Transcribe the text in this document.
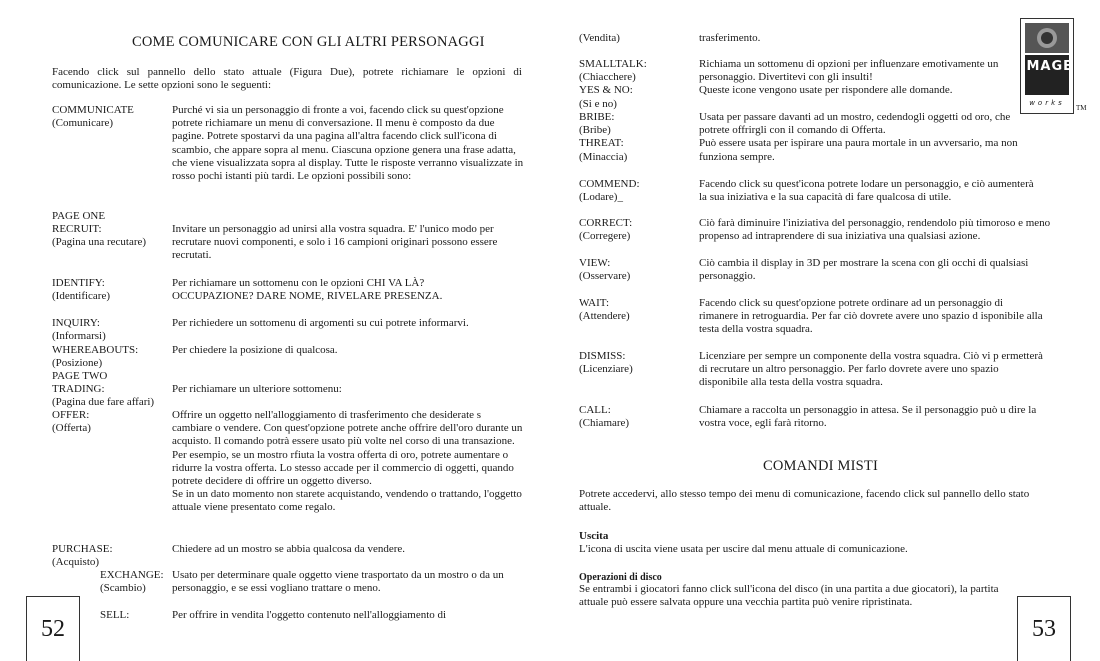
COME COMUNICARE CON GLI ALTRI PERSONAGGI

Facendo click sul pannello dello stato attuale (Figura Due), potrete richiamare le opzioni di comunicazione. Le sette opzioni sono le seguenti:

COMMUNICATE
(Comunicare)
Purché vi sia un personaggio di fronte a voi, facendo click su quest'opzione potrete richiamare un menu di conversazione. Il menu è composto da due pagine. Potrete spostarvi da una pagina all'altra facendo click sull'icona di scambio, che appare sopra al menu. Ciascuna opzione genera una frase adatta, che viene visualizzata sopra al display. Tutte le risposte verranno visualizzate in rosso pochi istanti più tardi. Le opzioni possibili sono:
PAGE ONE
RECRUIT:
(Pagina una recutare)
Invitare un personaggio ad unirsi alla vostra squadra. E' l'unico modo per recrutare nuovi componenti, e solo i 16 campioni originari possono essere recrutati.
IDENTIFY:
(Identificare)
Per richiamare un sottomenu con le opzioni CHI VA LÀ? OCCUPAZIONE? DARE NOME, RIVELARE PRESENZA.
INQUIRY:
(Informarsi)
Per richiedere un sottomenu di argomenti su cui potrete informarvi.
WHEREABOUTS:
(Posizione)
PAGE TWO
Per chiedere la posizione di qualcosa.
TRADING:
(Pagina due fare affari)
Per richiamare un ulteriore sottomenu:
OFFER:
(Offerta)
Offrire un oggetto nell'alloggiamento di trasferimento che desiderate s cambiare o vendere. Con quest'opzione potrete anche offrire dell'oro durante un acquisto. Il comando potrà essere usato più volte nel corso di una transazione. Per esempio, se un mostro rfiuta la vostra offerta di oro, potrete aumentare o ridurre la vostra offerta. Lo stesso accade per il commercio di oggetti, quando potrete decidere di offrire un oggetto diverso.
Se in un dato momento non starete acquistando, vendendo o trattando, l'oggetto attuale viene presentato come regalo.
PURCHASE:
(Acquisto)
Chiedere ad un mostro se abbia qualcosa da vendere.
EXCHANGE:
(Scambio)
Usato per determinare quale oggetto viene trasportato da un mostro o da un personaggio, e se essi vogliano trattare o meno.
SELL:	Per offrire in vendita l'oggetto contenuto nell'alloggiamento di
52
(Vendita)	trasferimento.
SMALLTALK:
(Chiacchere)
YES & NO:
(Si e no)
Richiama un sottomenu di opzioni per influenzare emotivamente un personaggio. Divertitevi con gli insulti!
Queste icone vengono usate per rispondere alle domande.
BRIBE:
(Bribe)
THREAT:
(Minaccia)
Usata per passare davanti ad un mostro, cedendogli oggetti od oro, che potrete offrirgli con il comando di Offerta.
Può essere usata per ispirare una paura mortale in un avversario, ma non funziona sempre.
COMMEND:
(Lodare)_
Facendo click su quest'icona potrete lodare un personaggio, e ciò aumenterà la sua iniziativa e la sua capacità di fare qualcosa di utile.
CORRECT:
(Corregere)
Ciò farà diminuire l'iniziativa del personaggio, rendendolo più timoroso e meno propenso ad intraprendere di sua iniziativa una qualsiasi azione.
VIEW:
(Osservare)
Ciò cambia il display in 3D per mostrare la scena con gli occhi di qualsiasi personaggio.
WAIT:
(Attendere)
Facendo click su quest'opzione potrete ordinare ad un personaggio di rimanere in retroguardia. Per far ciò dovrete avere uno spazio d isponibile alla testa della vostra squadra.
DISMISS:
(Licenziare)
Licenziare per sempre un componente della vostra squadra. Ciò vi p ermetterà di recrutare un altro personaggio. Per farlo dovrete avere uno spazio disponibile alla testa della vostra squadra.
CALL:
(Chiamare)
Chiamare a raccolta un personaggio in attesa. Se il personaggio può u dire la vostra voce, egli farà ritorno.
COMANDI MISTI

Potrete accedervi, allo stesso tempo dei menu di comunicazione, facendo click sul pannello dello stato attuale.

Uscita
L'icona di uscita viene usata per uscire dal menu attuale di comunicazione.
Operazioni di disco
Se entrambi i giocatori fanno click sull'icona del disco (in una partita a due giocatori), la partita attuale può essere salvata oppure una vecchia partita può venire ripristinata.
53
iMAGE
works
TM
